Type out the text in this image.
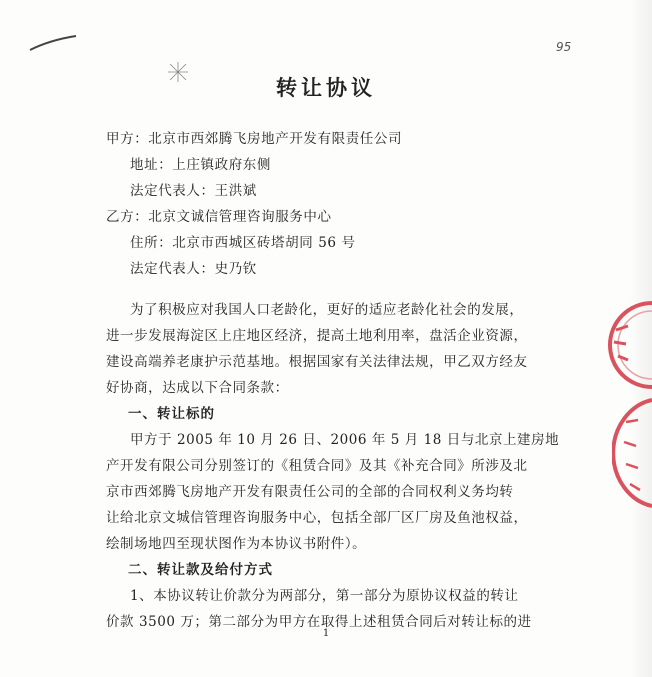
95
转让协议
甲方：北京市西郊腾飞房地产开发有限责任公司
地址：上庄镇政府东侧
法定代表人：王洪斌
乙方：北京文诚信管理咨询服务中心
住所：北京市西城区砖塔胡同 56 号
法定代表人：史乃钦
为了积极应对我国人口老龄化，更好的适应老龄化社会的发展，
进一步发展海淀区上庄地区经济，提高土地利用率，盘活企业资源，
建设高端养老康护示范基地。根据国家有关法律法规，甲乙双方经友
好协商，达成以下合同条款：
一、转让标的
甲方于 2005 年 10 月 26 日、2006 年 5 月 18 日与北京上建房地
产开发有限公司分别签订的《租赁合同》及其《补充合同》所涉及北
京市西郊腾飞房地产开发有限责任公司的全部的合同权利义务均转
让给北京文城信管理咨询服务中心，包括全部厂区厂房及鱼池权益，
绘制场地四至现状图作为本协议书附件）。
二、转让款及给付方式
1、本协议转让价款分为两部分，第一部分为原协议权益的转让
价款 3500 万；第二部分为甲方在取得上述租赁合同后对转让标的进
1
